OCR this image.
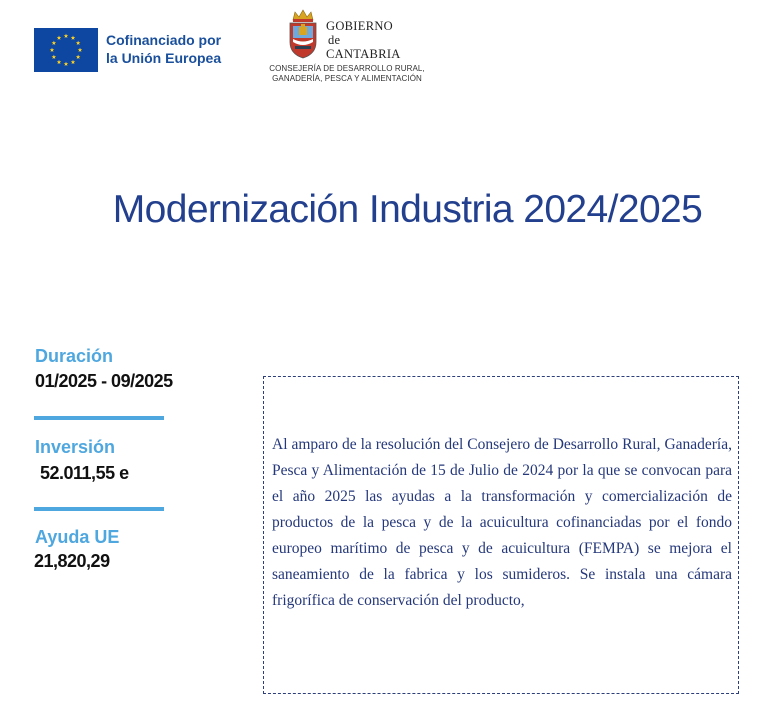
Cofinanciado por
la Unión Europea
GOBIERNO
de
CANTABRIA
CONSEJERÍA DE DESARROLLO RURAL,
GANADERÍA, PESCA Y ALIMENTACIÓN
Modernización Industria 2024/2025
Duración
01/2025 - 09/2025
Inversión
52.011,55 e
Ayuda UE
21,820,29

Al amparo de la resolución del Consejero de Desarrollo Rural, Ganadería, Pesca y Alimentación de 15 de Julio de 2024 por la que se convocan para el año 2025 las ayudas a la transformación y comercialización de productos de la pesca y de la acuicultura cofinanciadas por el fondo europeo marítimo de pesca y de acuicultura (FEMPA) se mejora el saneamiento de la fabrica y los sumideros. Se instala una cámara frigorífica de conservación del producto,
